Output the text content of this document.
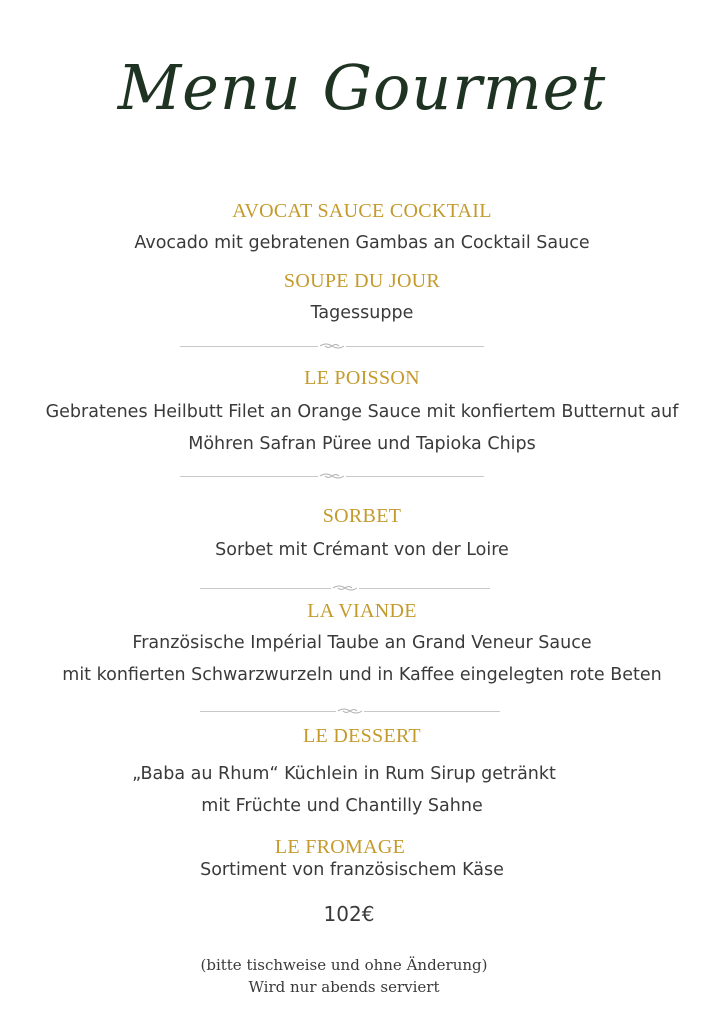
Menu Gourmet
AVOCAT SAUCE COCKTAIL
Avocado mit gebratenen Gambas an Cocktail Sauce
SOUPE DU JOUR
Tagessuppe
LE POISSON
Gebratenes Heilbutt Filet an Orange Sauce mit konfiertem Butternut auf
Möhren Safran Püree und Tapioka Chips
SORBET
Sorbet mit Crémant von der Loire
LA VIANDE
Französische Impérial Taube an Grand Veneur Sauce
mit konfierten Schwarzwurzeln und in Kaffee eingelegten rote Beten
LE DESSERT
„Baba au Rhum“ Küchlein in Rum Sirup getränkt
mit Früchte und Chantilly Sahne
LE FROMAGE
Sortiment von französischem Käse
102€
(bitte tischweise und ohne Änderung)
Wird nur abends serviert
